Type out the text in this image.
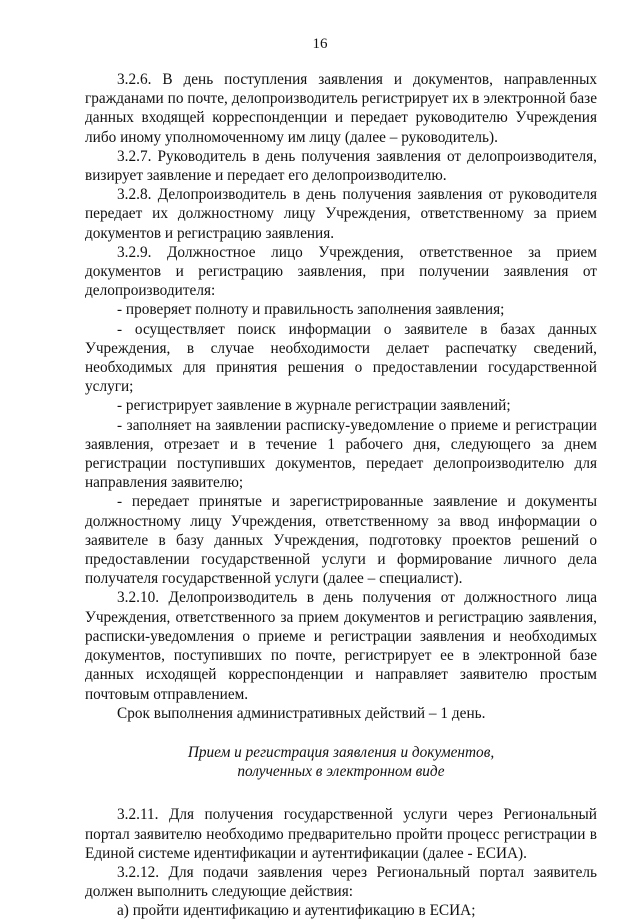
16

3.2.6. В день поступления заявления и документов, направленных гражданами по почте, делопроизводитель регистрирует их в электронной базе данных входящей корреспонденции и передает руководителю Учреждения либо иному уполномоченному им лицу (далее – руководитель).

3.2.7. Руководитель в день получения заявления от делопроизводителя, визирует заявление и передает его делопроизводителю.

3.2.8. Делопроизводитель в день получения заявления от руководителя передает их должностному лицу Учреждения, ответственному за прием документов и регистрацию заявления.

3.2.9. Должностное лицо Учреждения, ответственное за прием документов и регистрацию заявления, при получении заявления от делопроизводителя:

- проверяет полноту и правильность заполнения заявления;

- осуществляет поиск информации о заявителе в базах данных Учреждения, в случае необходимости делает распечатку сведений, необходимых для принятия решения о предоставлении государственной услуги;

- регистрирует заявление в журнале регистрации заявлений;

- заполняет на заявлении расписку-уведомление о приеме и регистрации заявления, отрезает и в течение 1 рабочего дня, следующего за днем регистрации поступивших документов, передает делопроизводителю для направления заявителю;

- передает принятые и зарегистрированные заявление и документы должностному лицу Учреждения, ответственному за ввод информации о заявителе в базу данных Учреждения, подготовку проектов решений о предоставлении государственной услуги и формирование личного дела получателя государственной услуги (далее – специалист).

3.2.10. Делопроизводитель в день получения от должностного лица Учреждения, ответственного за прием документов и регистрацию заявления, расписки-уведомления о приеме и регистрации заявления и необходимых документов, поступивших по почте, регистрирует ее в электронной базе данных исходящей корреспонденции и направляет заявителю простым почтовым отправлением.

Срок выполнения административных действий – 1 день.

Прием и регистрация заявления и документов,
полученных в электронном виде

3.2.11. Для получения государственной услуги через Региональный портал заявителю необходимо предварительно пройти процесс регистрации в Единой системе идентификации и аутентификации (далее - ЕСИА).

3.2.12. Для подачи заявления через Региональный портал заявитель должен выполнить следующие действия:

а) пройти идентификацию и аутентификацию в ЕСИА;
